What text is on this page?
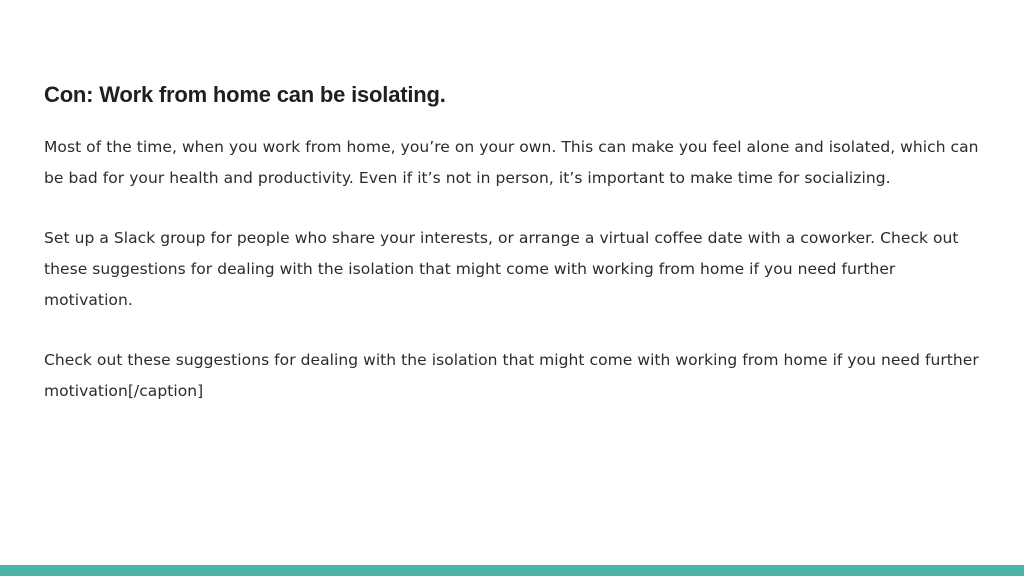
Con: Work from home can be isolating.

Most of the time, when you work from home, you’re on your own. This can make you feel alone and isolated, which can be bad for your health and productivity. Even if it’s not in person, it’s important to make time for socializing.

Set up a Slack group for people who share your interests, or arrange a virtual coffee date with a coworker. Check out these suggestions for dealing with the isolation that might come with working from home if you need further motivation.

Check out these suggestions for dealing with the isolation that might come with working from home if you need further motivation[/caption]
